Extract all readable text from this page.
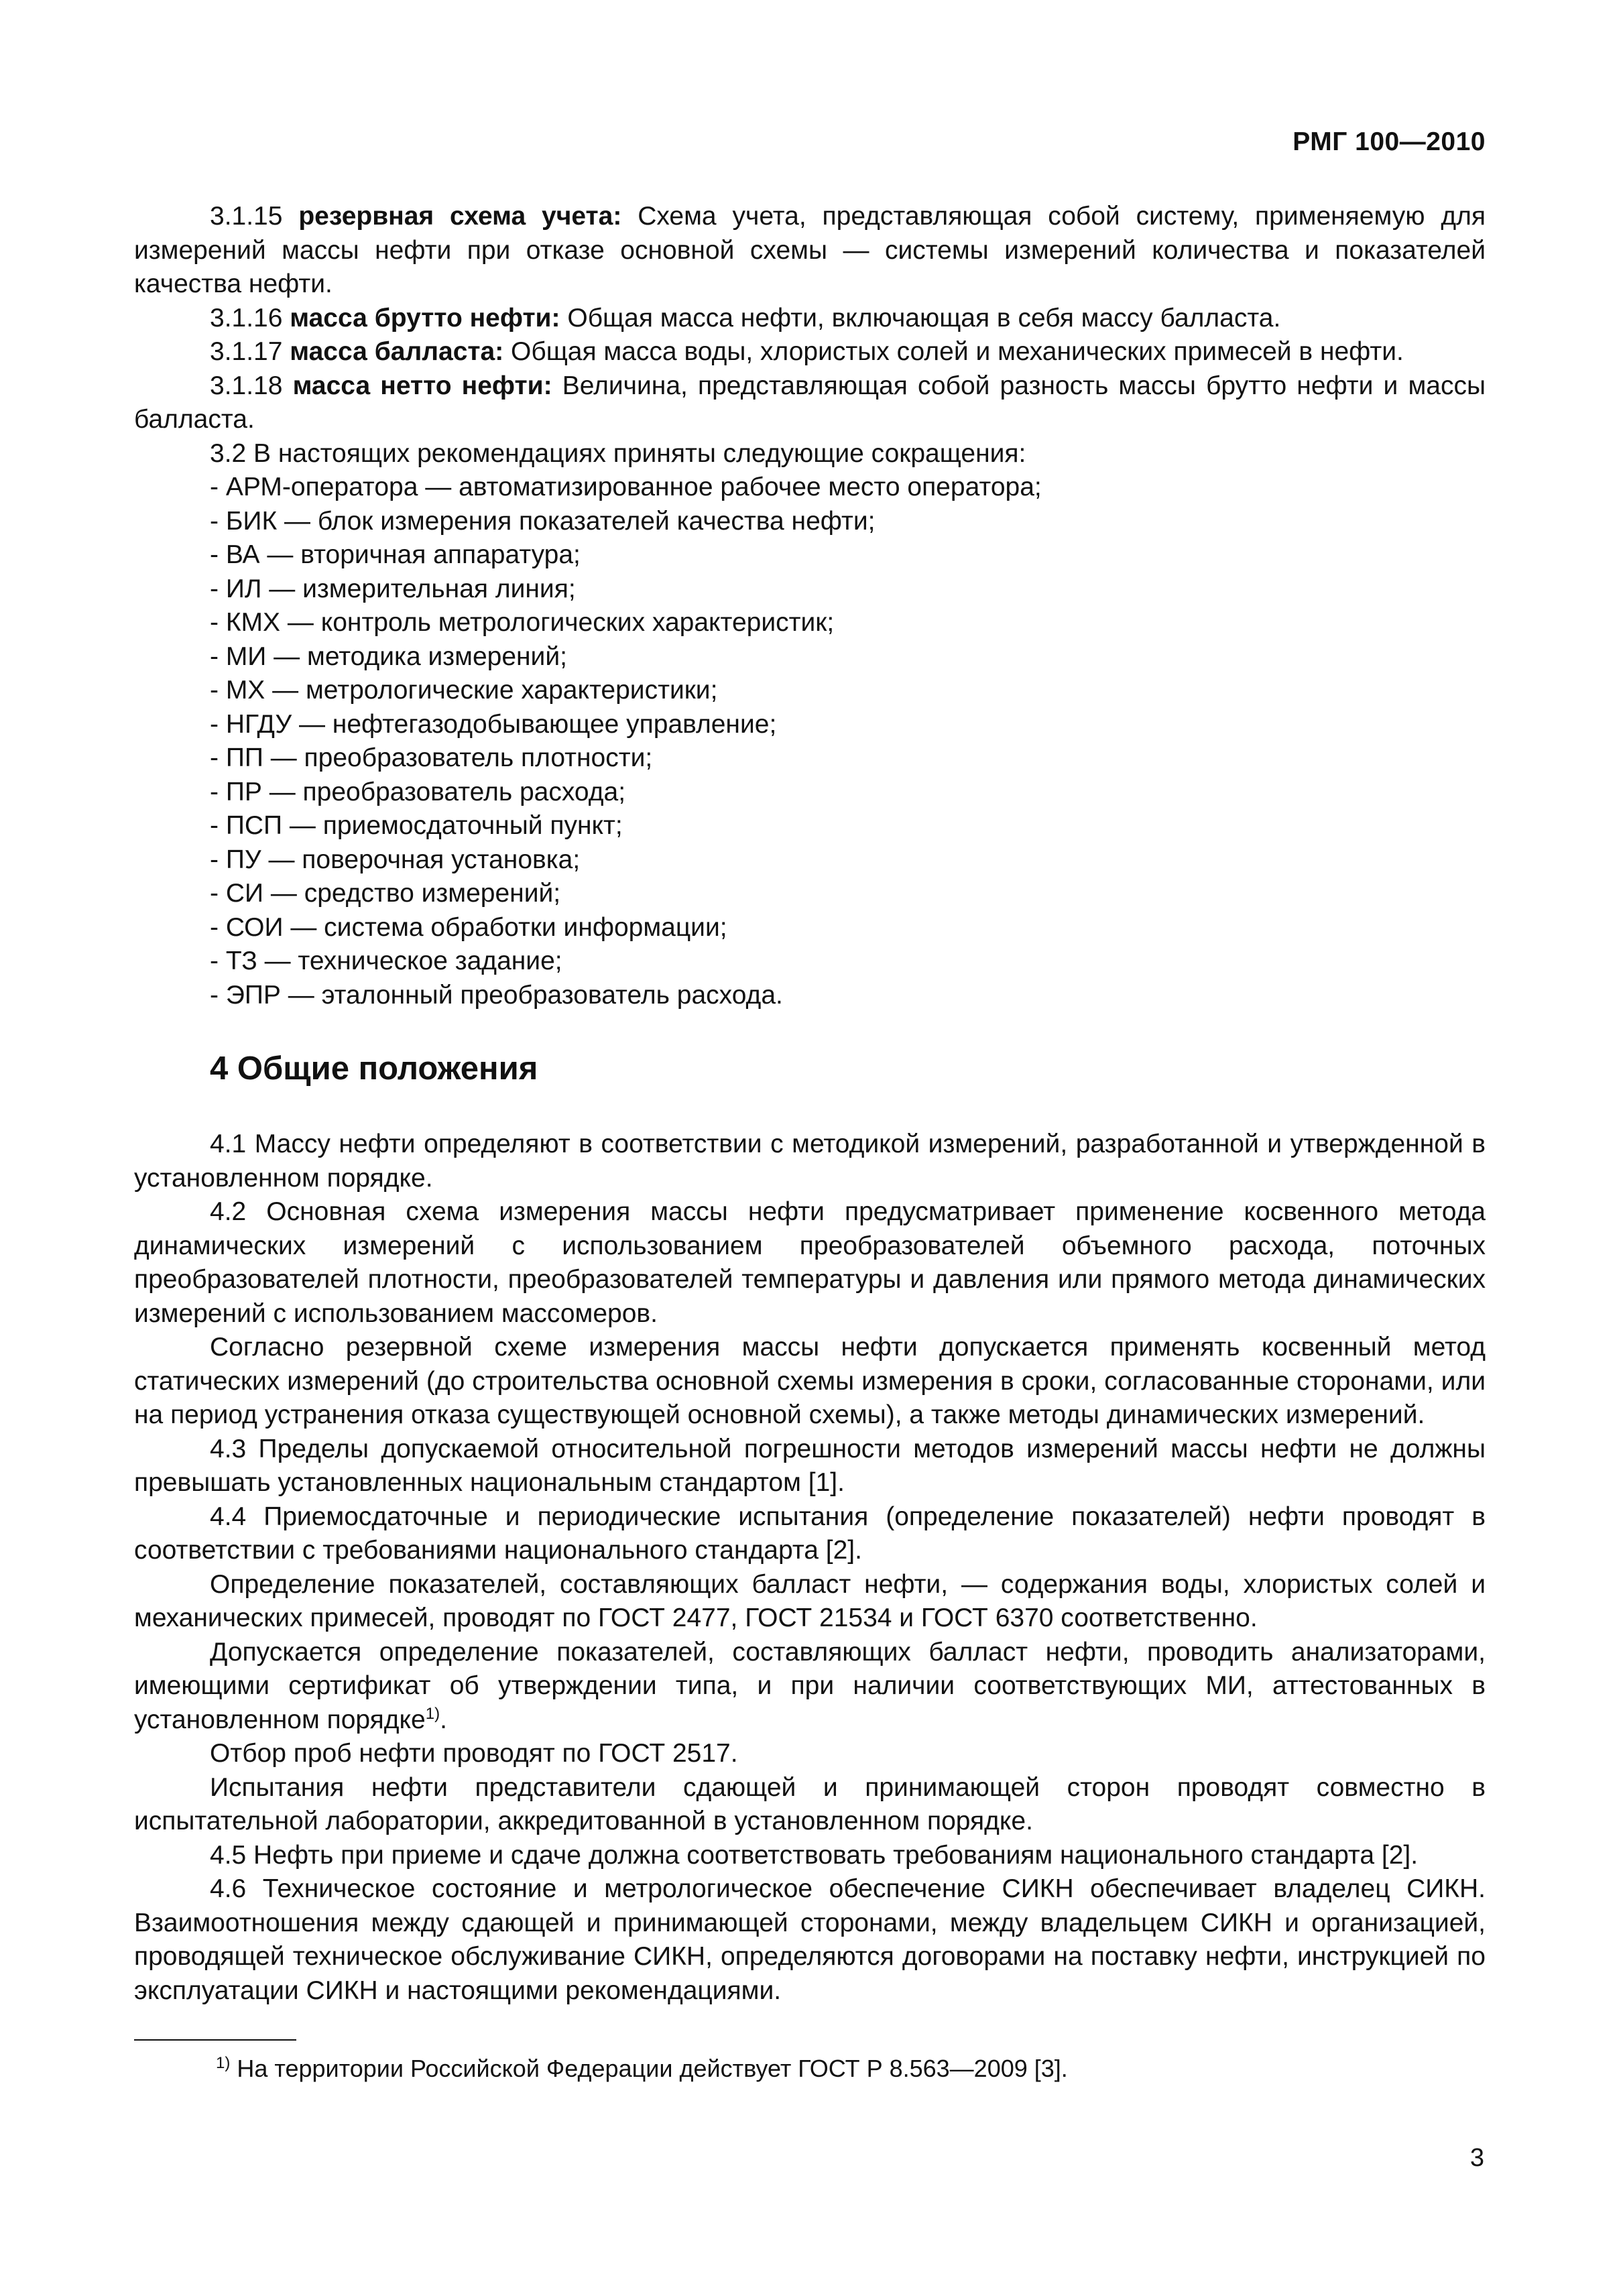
РМГ 100—2010

3.1.15 резервная схема учета: Схема учета, представляющая собой систему, применяемую для измерений массы нефти при отказе основной схемы — системы измерений количества и показателей качества нефти.

3.1.16 масса брутто нефти: Общая масса нефти, включающая в себя массу балласта.

3.1.17 масса балласта: Общая масса воды, хлористых солей и механических примесей в нефти.

3.1.18 масса нетто нефти: Величина, представляющая собой разность массы брутто нефти и массы балласта.

3.2 В настоящих рекомендациях приняты следующие сокращения:

- АРМ-оператора — автоматизированное рабочее место оператора;

- БИК — блок измерения показателей качества нефти;

- ВА — вторичная аппаратура;

- ИЛ — измерительная линия;

- КМХ — контроль метрологических характеристик;

- МИ — методика измерений;

- МХ — метрологические характеристики;

- НГДУ — нефтегазодобывающее управление;

- ПП — преобразователь плотности;

- ПР — преобразователь расхода;

- ПСП — приемосдаточный пункт;

- ПУ — поверочная установка;

- СИ — средство измерений;

- СОИ — система обработки информации;

- ТЗ — техническое задание;

- ЭПР — эталонный преобразователь расхода.

4 Общие положения

4.1 Массу нефти определяют в соответствии с методикой измерений, разработанной и утвержденной в установленном порядке.

4.2 Основная схема измерения массы нефти предусматривает применение косвенного метода динамических измерений с использованием преобразователей объемного расхода, поточных преобразователей плотности, преобразователей температуры и давления или прямого метода динамических измерений с использованием массомеров.

Согласно резервной схеме измерения массы нефти допускается применять косвенный метод статических измерений (до строительства основной схемы измерения в сроки, согласованные сторонами, или на период устранения отказа существующей основной схемы), а также методы динамических измерений.

4.3 Пределы допускаемой относительной погрешности методов измерений массы нефти не должны превышать установленных национальным стандартом [1].

4.4 Приемосдаточные и периодические испытания (определение показателей) нефти проводят в соответствии с требованиями национального стандарта [2].

Определение показателей, составляющих балласт нефти, — содержания воды, хлористых солей и механических примесей, проводят по ГОСТ 2477, ГОСТ 21534 и ГОСТ 6370 соответственно.

Допускается определение показателей, составляющих балласт нефти, проводить анализаторами, имеющими сертификат об утверждении типа, и при наличии соответствующих МИ, аттестованных в установленном порядке$^{1)}$.

Отбор проб нефти проводят по ГОСТ 2517.

Испытания нефти представители сдающей и принимающей сторон проводят совместно в испытательной лаборатории, аккредитованной в установленном порядке.

4.5 Нефть при приеме и сдаче должна соответствовать требованиям национального стандарта [2].

4.6 Техническое состояние и метрологическое обеспечение СИКН обеспечивает владелец СИКН. Взаимоотношения между сдающей и принимающей сторонами, между владельцем СИКН и организацией, проводящей техническое обслуживание СИКН, определяются договорами на поставку нефти, инструкцией по эксплуатации СИКН и настоящими рекомендациями.

$^{1)}$ На территории Российской Федерации действует ГОСТ Р 8.563—2009 [3].
3
